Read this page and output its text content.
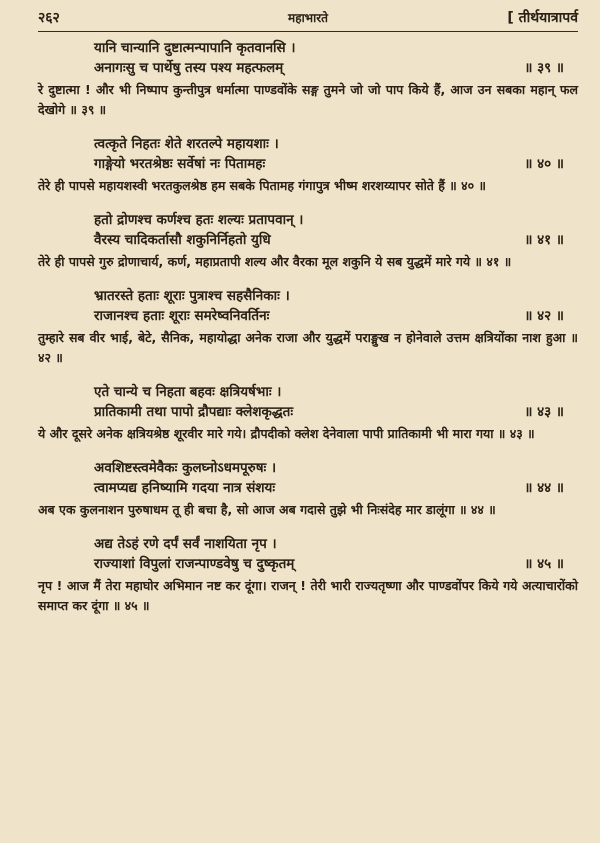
२६२	महाभारते	[ तीर्थयात्रापर्व
यानि चान्यानि दुष्टात्मन्पापानि कृतवानसि ।
अनागःसु च पार्थेषु तस्य पश्य महत्फलम्	॥ ३९ ॥
रे दुष्टात्मा ! और भी निष्पाप कुन्तीपुत्र धर्मात्मा पाण्डवोंके सङ्ग तुमने जो जो पाप किये हैं, आज उन सबका महान् फल देखोगे ॥ ३९ ॥
त्वत्कृते निहतः शेते शरतल्पे महायशाः ।
गाङ्गेयो भरतश्रेष्ठः सर्वेषां नः पितामहः	॥ ४० ॥
तेरे ही पापसे महायशस्वी भरतकुलश्रेष्ठ हम सबके पितामह गंगापुत्र भीष्म शरशय्यापर सोते हैं ॥ ४० ॥
हतो द्रोणश्च कर्णश्च हतः शल्यः प्रतापवान् ।
वैरस्य चादिकर्तासौ शकुनिर्निहतो युधि	॥ ४१ ॥
तेरे ही पापसे गुरु द्रोणाचार्य, कर्ण, महाप्रतापी शल्य और वैरका मूल शकुनि ये सब युद्धमें मारे गये ॥ ४१ ॥
भ्रातरस्ते हताः शूराः पुत्राश्च सहसैनिकाः ।
राजानश्च हताः शूराः समरेष्वनिवर्तिनः	॥ ४२ ॥
तुम्हारे सब वीर भाई, बेटे, सैनिक, महायोद्धा अनेक राजा और युद्धमें पराङ्मुख न होनेवाले उत्तम क्षत्रियोंका नाश हुआ ॥ ४२ ॥
एते चान्ये च निहता बहवः क्षत्रियर्षभाः ।
प्रातिकामी तथा पापो द्रौपद्याः क्लेशकृद्धतः	॥ ४३ ॥
ये और दूसरे अनेक क्षत्रियश्रेष्ठ शूरवीर मारे गये। द्रौपदीको क्लेश देनेवाला पापी प्रातिकामी भी मारा गया ॥ ४३ ॥
अवशिष्टस्त्वमेवैकः कुलघ्नोऽधमपूरुषः ।
त्वामप्यद्य हनिष्यामि गदया नात्र संशयः	॥ ४४ ॥
अब एक कुलनाशन पुरुषाधम तू ही बचा है, सो आज अब गदासे तुझे भी निःसंदेह मार डालूंगा ॥ ४४ ॥
अद्य तेऽहं रणे दर्पं सर्वं नाशयिता नृप ।
राज्याशां विपुलां राजन्पाण्डवेषु च दुष्कृतम्	॥ ४५ ॥
नृप ! आज मैं तेरा महाघोर अभिमान नष्ट कर दूंगा। राजन् ! तेरी भारी राज्यतृष्णा और पाण्डवोंपर किये गये अत्याचारोंको समाप्त कर दूंगा ॥ ४५ ॥
